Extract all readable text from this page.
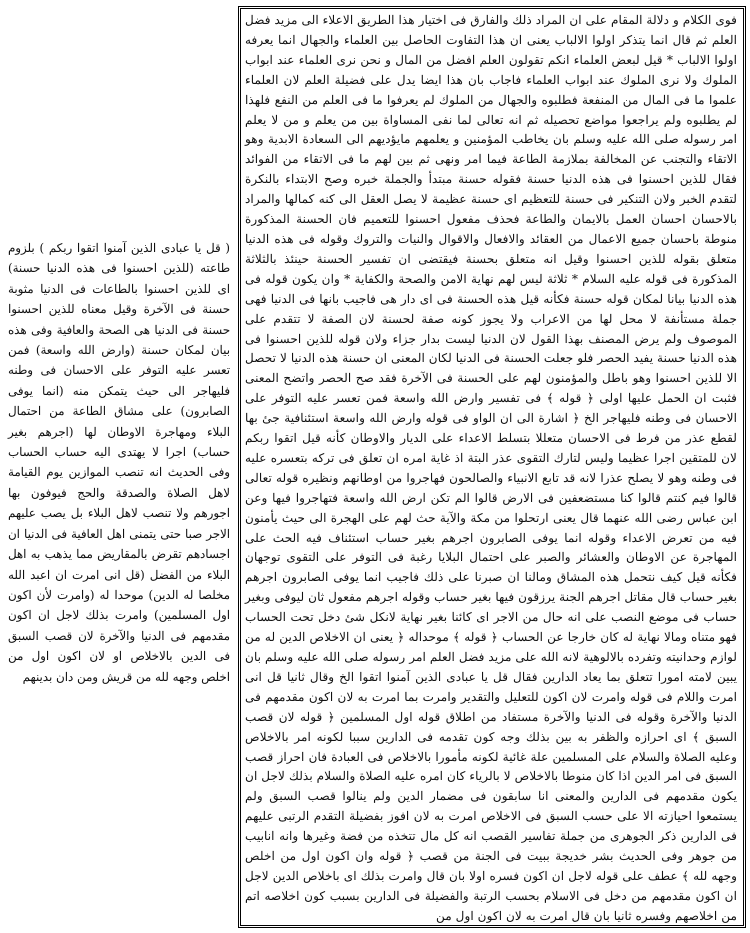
فوى الكلام و دلالة المقام على ان المراد ذلك والفارق فى اختيار هذا الطريق الاعلاء الى مزيد فضل العلم ثم قال انما يتذكر اولوا الالباب يعنى ان هذا التفاوت الحاصل بين العلماء والجهال انما يعرفه اولوا الالباب * قيل لبعض العلماء انكم تقولون العلم افضل من المال و نحن نرى العلماء عند ابواب الملوك ولا نرى الملوك عند ابواب العلماء فاجاب بان هذا ايضا يدل على فضيلة العلم لان العلماء علموا ما فى المال من المنفعة فطلبوه والجهال من الملوك لم يعرفوا ما فى العلم من النفع فلهذا لم يطلبوه ولم يراجعوا مواضع تحصيله ثم انه تعالى لما نفى المساواة بين من يعلم و من لا يعلم امر رسوله صلى الله عليه وسلم بان يخاطب المؤمنين و يعلمهم مايؤديهم الى السعادة الابدية وهو الاتقاء والتجنب عن المخالفة بملازمة الطاعة فيما امر ونهى ثم بين لهم ما فى الاتقاء من الفوائد فقال للذين احسنوا فى هذه الدنيا حسنة فقوله حسنة مبتدأ والجملة خبره وصح الابتداء بالنكرة لتقدم الخبر ولان التنكير فى حسنة للتعظيم اى حسنة عظيمة لا يصل العقل الى كنه كمالها والمراد بالاحسان احسان العمل بالايمان والطاعة فحذف مفعول احسنوا للتعميم فان الحسنة المذكورة منوطة باحسان جميع الاعمال من العقائد والافعال والاقوال والنيات والتروك وقوله فى هذه الدنيا متعلق بقوله للذين احسنوا وقيل انه متعلق بحسنة فيقتضى ان تفسير الحسنة حينئذ بالثلاثة المذكورة فى قوله عليه السلام * ثلاثة ليس لهم نهاية الامن والصحة والكفاية * وان يكون قوله فى هذه الدنيا بيانا لمكان قوله حسنة فكأنه قيل هذه الحسنة فى اى دار هى فاجيب بانها فى الدنيا فهى جملة مستأنفة لا محل لها من الاعراب ولا يجوز كونه صفة لحسنة لان الصفة لا تتقدم على الموصوف ولم يرض المصنف بهذا القول لان الدنيا ليست بدار جزاء ولان قوله للذين احسنوا فى هذه الدنيا حسنة يفيد الحصر فلو جعلت الحسنة فى الدنيا لكان المعنى ان حسنة هذه الدنيا لا تحصل الا للذين احسنوا وهو باطل والمؤمنون لهم على الحسنة فى الآخرة فقد صح الحصر واتضح المعنى فثبت ان الحمل عليها اولى ﴿ قوله ﴾ فى تفسير وارض الله واسعة فمن تعسر عليه التوفر على الاحسان فى وطنه فليهاجر الخ ﴿ اشارة الى ان الواو فى قوله وارض الله واسعة استئنافية جئ بها لقطع عذر من فرط فى الاحسان متعللا بتسلط الاعداء على الديار والاوطان كأنه قيل اتقوا ربكم لان للمتقين اجرا عظيما وليس لتارك التقوى عذر البتة اذ غاية امره ان تعلق فى تركه بتعسره عليه فى وطنه وهو لا يصلح عذرا لانه قد تابع الانبياء والصالحون فهاجروا من اوطانهم ونظيره قوله تعالى قالوا فيم كنتم قالوا كنا مستضعفين فى الارض قالوا الم تكن ارض الله واسعة فتهاجروا فيها وعن ابن عباس رضى الله عنهما قال يعنى ارتحلوا من مكة والآية حث لهم على الهجرة الى حيث يأمنون فيه من تعرض الاعداء وقوله انما يوفى الصابرون اجرهم بغير حساب استئناف فيه الحث على المهاجرة عن الاوطان والعشائر والصبر على احتمال البلايا رغبة فى التوفر على التقوى توجهان فكأنه قيل كيف نتحمل هذه المشاق ومالنا ان صبرنا على ذلك فاجيب انما يوفى الصابرون اجرهم بغير حساب قال مقاتل اجرهم الجنة يرزقون فيها بغير حساب وقوله اجرهم مفعول ثان ليوفى وبغير حساب فى موضع النصب على انه حال من الاجر اى كائنا بغير نهاية لانكل شئ دخل تحت الحساب فهو متناه ومالا نهاية له كان خارجا عن الحساب ﴿ قوله ﴾ موحداله ﴿ يعنى ان الاخلاص الدين له من لوازم وحدانيته وتفرده بالالوهية لانه الله على مزيد فضل العلم امر رسوله صلى الله عليه وسلم بان يبين لامته امورا تتعلق بما يعاد الدارين فقال قل يا عبادى الذين آمنوا اتقوا الخ وقال ثانيا قل انى امرت واللام فى قوله وامرت لان اكون للتعليل والتقدير وامرت بما امرت به لان اكون مقدمهم فى الدنيا والآخرة وقوله فى الدنيا والآخرة مستفاد من اطلاق قوله اول المسلمين ﴿ قوله لان قصب السبق ﴾ اى احرازه والظفر به بين بذلك وجه كون تقدمه فى الدارين سببا لكونه امر بالاخلاص وعليه الصلاة والسلام على المسلمين علة غائية لكونه مأمورا بالاخلاص فى العبادة فان احراز قصب السبق فى امر الدين اذا كان منوطا بالاخلاص لا بالرياء كان امره عليه الصلاة والسلام بذلك لاجل ان يكون مقدمهم فى الدارين والمعنى انا سابقون فى مضمار الدين ولم ينالوا قصب السبق ولم يستمعوا احيازته الا على حسب السبق فى الاخلاص امرت به لان افوز بفضيلة التقدم الرتبى عليهم فى الدارين ذكر الجوهرى من جملة تفاسير القصب انه كل مال تتخذه من فضة وغيرها وانه انابيب من جوهر وفى الحديث بشر خديجة ببيت فى الجنة من قصب ﴿ قوله وان اكون اول من اخلص وجهه لله ﴾ عطف على قوله لاجل ان اكون فسره اولا بان قال وامرت بذلك اى باخلاص الدين لاجل ان اكون مقدمهم من دخل فى الاسلام بحسب الرتبة والفضيلة فى الدارين بسبب كون اخلاصه اتم من اخلاصهم وفسره ثانيا بان قال امرت به لان اكون اول من

( قل يا عبادى الذين آمنوا اتقوا ربكم ) بلزوم طاعته (للذين احسنوا فى هذه الدنيا حسنة) اى للذين احسنوا بالطاعات فى الدنيا مثوبة حسنة فى الآخرة وقيل معناه للذين احسنوا حسنة فى الدنيا هى الصحة والعافية وفى هذه بيان لمكان حسنة (وارض الله واسعة) فمن تعسر عليه التوفر على الاحسان فى وطنه فليهاجر الى حيث يتمكن منه (انما يوفى الصابرون) على مشاق الطاعة من احتمال البلاء ومهاجرة الاوطان لها (اجرهم بغير حساب) اجرا لا يهتدى اليه حساب الحساب وفى الحديث انه تنصب الموازين يوم القيامة لاهل الصلاة والصدقة والحج فيوفون بها اجورهم ولا تنصب لاهل البلاء بل يصب عليهم الاجر صبا حتى يتمنى اهل العافية فى الدنيا ان اجسادهم تقرض بالمقاريض مما يذهب به اهل البلاء من الفضل (قل انى امرت ان اعبد الله مخلصا له الدين) موحدا له (وامرت لأن اكون اول المسلمين) وامرت بذلك لاجل ان اكون مقدمهم فى الدنيا والآخرة لان قصب السبق فى الدين بالاخلاص او لان اكون اول من اخلص وجهه لله من قريش ومن دان بدينهم
